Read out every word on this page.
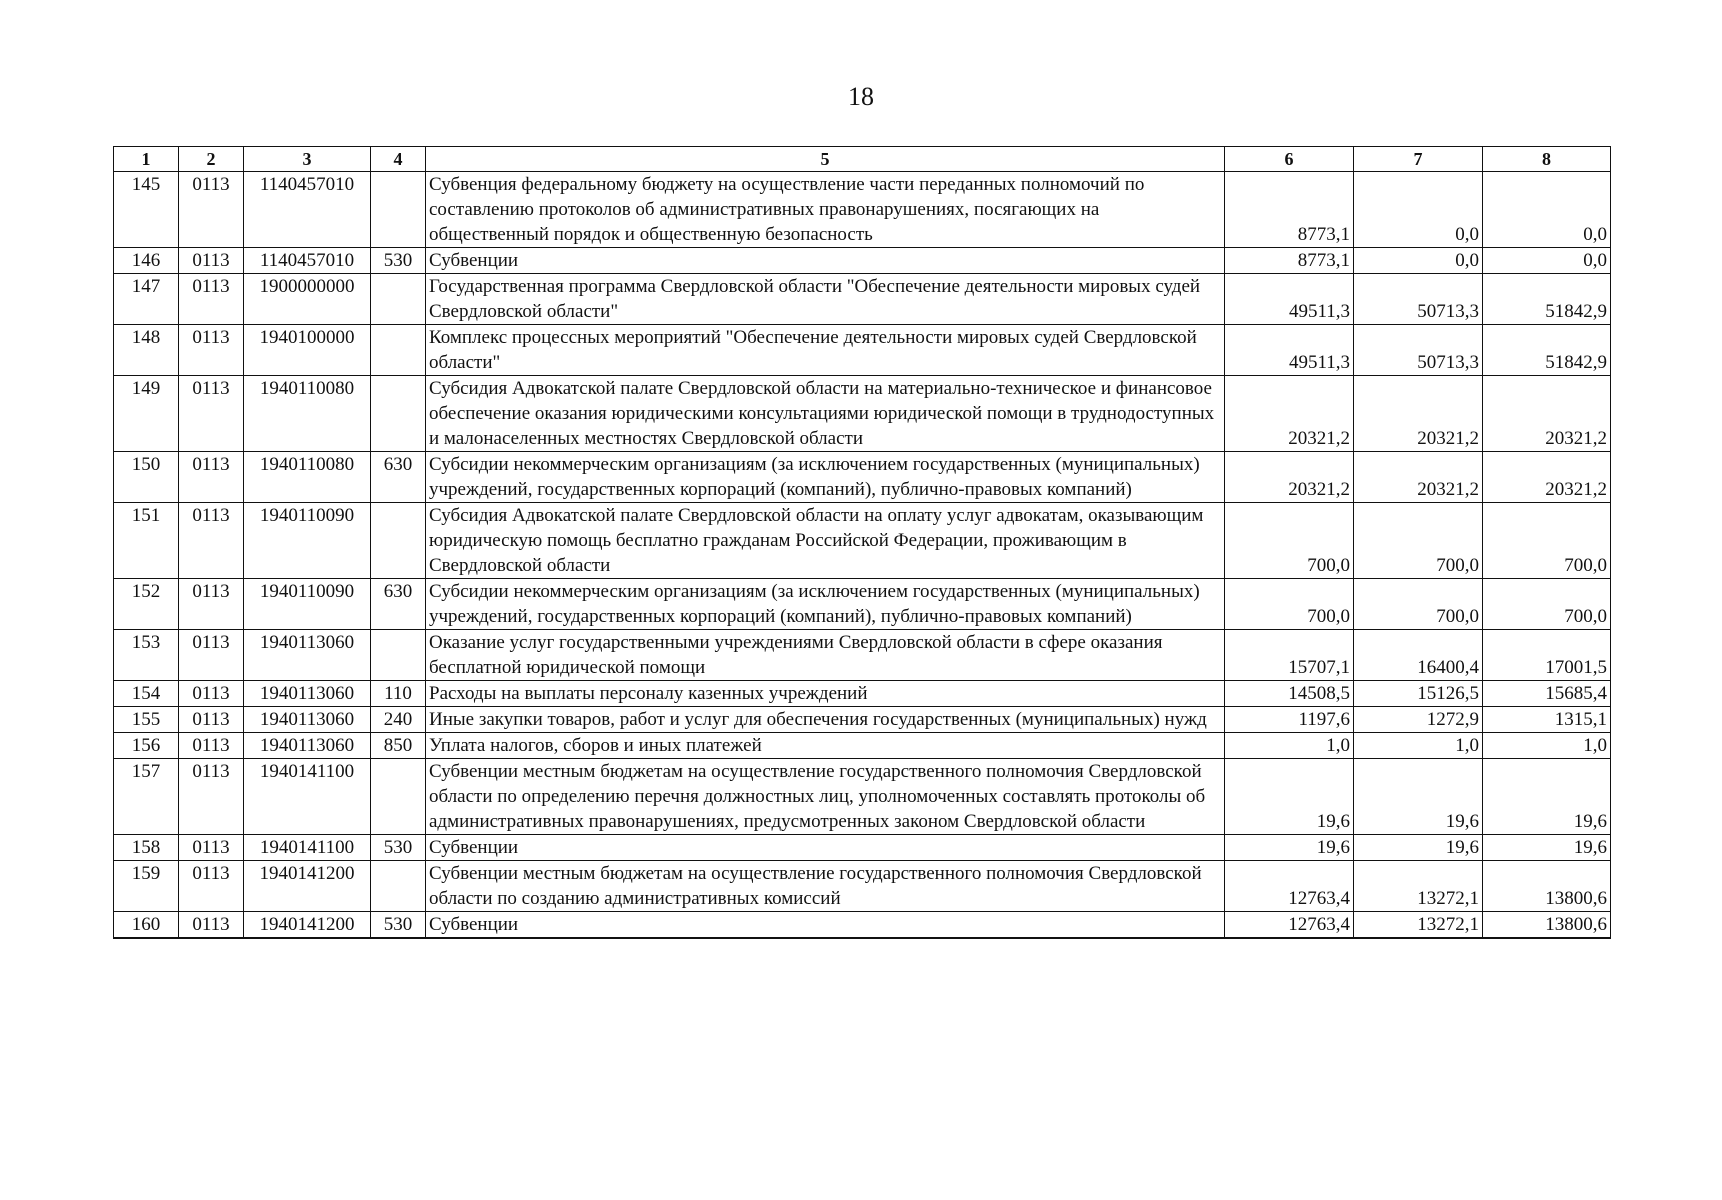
18
1	2	3	4	5	6	7	8
145	0113	1140457010		Субвенция федеральному бюджету на осуществление части переданных полномочий по составлению протоколов об административных правонарушениях, посягающих на общественный порядок и общественную безопасность	8773,1	0,0	0,0
146	0113	1140457010	530	Субвенции	8773,1	0,0	0,0
147	0113	1900000000		Государственная программа Свердловской области "Обеспечение деятельности мировых судей Свердловской области"	49511,3	50713,3	51842,9
148	0113	1940100000		Комплекс процессных мероприятий "Обеспечение деятельности мировых судей Свердловской области"	49511,3	50713,3	51842,9
149	0113	1940110080		Субсидия Адвокатской палате Свердловской области на материально-техническое и финансовое обеспечение оказания юридическими консультациями юридической помощи в труднодоступных и малонаселенных местностях Свердловской области	20321,2	20321,2	20321,2
150	0113	1940110080	630	Субсидии некоммерческим организациям (за исключением государственных (муниципальных) учреждений, государственных корпораций (компаний), публично-правовых компаний)	20321,2	20321,2	20321,2
151	0113	1940110090		Субсидия Адвокатской палате Свердловской области на оплату услуг адвокатам, оказывающим юридическую помощь бесплатно гражданам Российской Федерации, проживающим в Свердловской области	700,0	700,0	700,0
152	0113	1940110090	630	Субсидии некоммерческим организациям (за исключением государственных (муниципальных) учреждений, государственных корпораций (компаний), публично-правовых компаний)	700,0	700,0	700,0
153	0113	1940113060		Оказание услуг государственными учреждениями Свердловской области в сфере оказания бесплатной юридической помощи	15707,1	16400,4	17001,5
154	0113	1940113060	110	Расходы на выплаты персоналу казенных учреждений	14508,5	15126,5	15685,4
155	0113	1940113060	240	Иные закупки товаров, работ и услуг для обеспечения государственных (муниципальных) нужд	1197,6	1272,9	1315,1
156	0113	1940113060	850	Уплата налогов, сборов и иных платежей	1,0	1,0	1,0
157	0113	1940141100		Субвенции местным бюджетам на осуществление государственного полномочия Свердловской области по определению перечня должностных лиц, уполномоченных составлять протоколы об административных правонарушениях, предусмотренных законом Свердловской области	19,6	19,6	19,6
158	0113	1940141100	530	Субвенции	19,6	19,6	19,6
159	0113	1940141200		Субвенции местным бюджетам на осуществление государственного полномочия Свердловской области по созданию административных комиссий	12763,4	13272,1	13800,6
160	0113	1940141200	530	Субвенции	12763,4	13272,1	13800,6
